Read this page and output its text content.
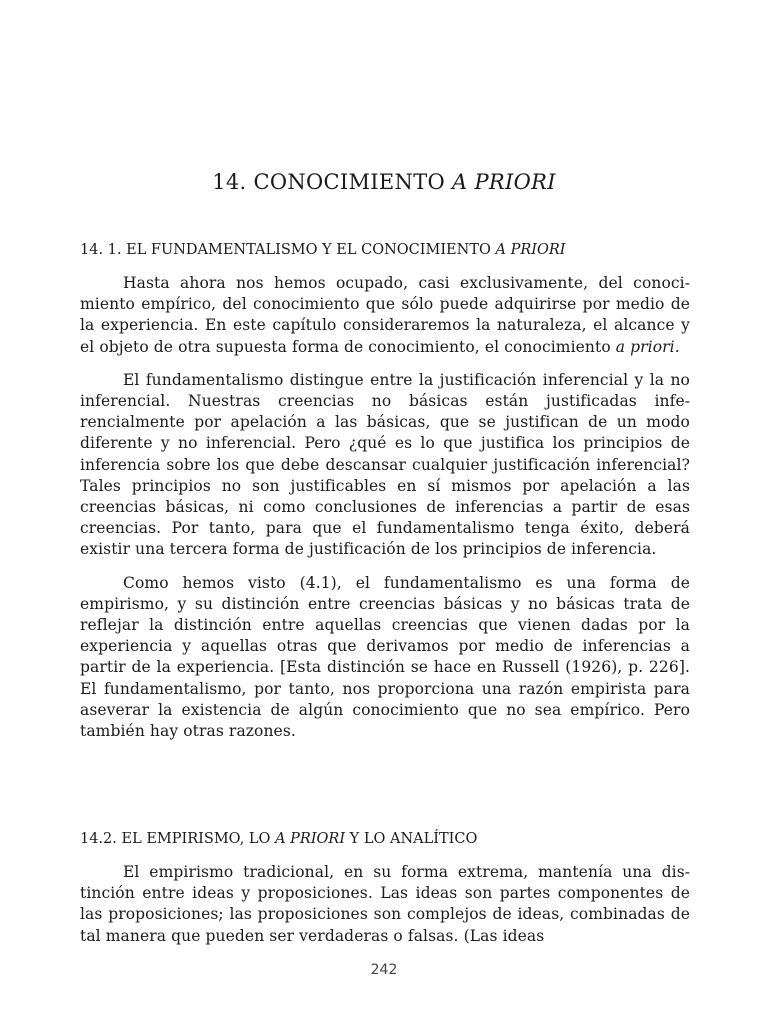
14. CONOCIMIENTO A PRIORI

14. 1. EL FUNDAMENTALISMO Y EL CONOCIMIENTO A PRIORI

Hasta ahora nos hemos ocupado, casi exclusivamente, del conocimiento empírico, del conocimiento que sólo puede adquirirse por medio de la experiencia. En este capítulo consideraremos la naturaleza, el alcance y el objeto de otra supuesta forma de conocimiento, el conocimiento a priori.

El fundamentalismo distingue entre la justificación inferencial y la no inferencial. Nuestras creencias no básicas están justificadas inferencialmente por apelación a las básicas, que se justifican de un modo diferente y no inferencial. Pero ¿qué es lo que justifica los principios de inferencia sobre los que debe descansar cualquier justificación inferencial? Tales principios no son justificables en sí mismos por apelación a las creencias básicas, ni como conclusiones de inferencias a partir de esas creencias. Por tanto, para que el fundamentalismo tenga éxito, deberá existir una tercera forma de justificación de los principios de inferencia.

Como hemos visto (4.1), el fundamentalismo es una forma de empirismo, y su distinción entre creencias básicas y no básicas trata de reflejar la distinción entre aquellas creencias que vienen dadas por la experiencia y aquellas otras que derivamos por medio de inferencias a partir de la experiencia. [Esta distinción se hace en Russell (1926), p. 226]. El fundamentalismo, por tanto, nos proporciona una razón empirista para aseverar la existencia de algún conocimiento que no sea empírico. Pero también hay otras razones.

14.2. EL EMPIRISMO, LO A PRIORI Y LO ANALÍTICO

El empirismo tradicional, en su forma extrema, mantenía una distinción entre ideas y proposiciones. Las ideas son partes componentes de las proposiciones; las proposiciones son complejos de ideas, combinadas de tal manera que pueden ser verdaderas o falsas. (Las ideas

242
